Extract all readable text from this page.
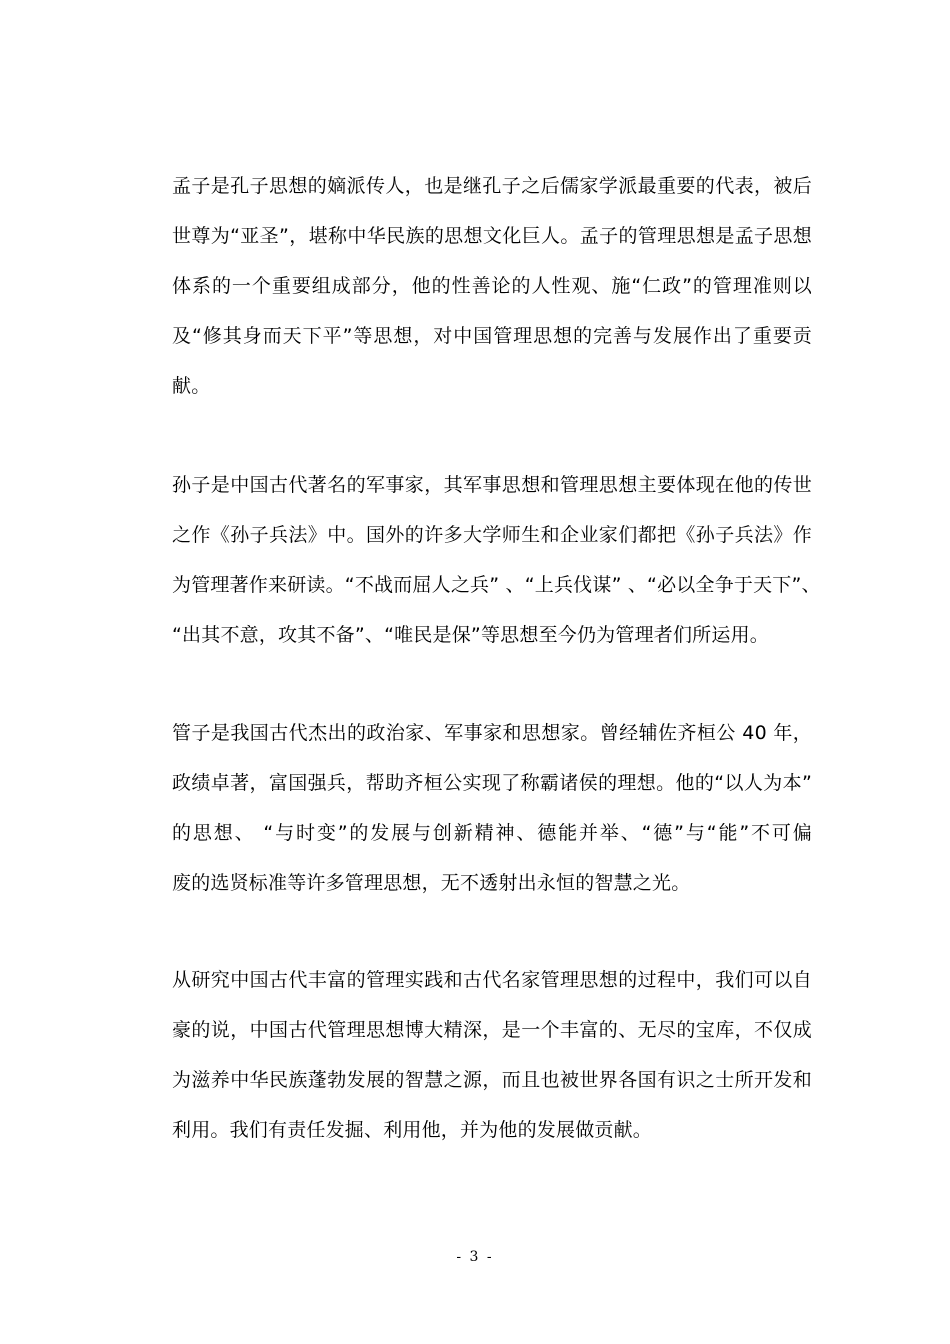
孟子是孔子思想的嫡派传人，也是继孔子之后儒家学派最重要的代表，被后
世尊为“亚圣”，堪称中华民族的思想文化巨人。孟子的管理思想是孟子思想
体系的一个重要组成部分，他的性善论的人性观、施“仁政”的管理准则以
及“修其身而天下平”等思想，对中国管理思想的完善与发展作出了重要贡
献。
孙子是中国古代著名的军事家，其军事思想和管理思想主要体现在他的传世
之作《孙子兵法》中。国外的许多大学师生和企业家们都把《孙子兵法》作
为管理著作来研读。“不战而屈人之兵” 、“上兵伐谋” 、“必以全争于天下”、
“出其不意，攻其不备”、“唯民是保”等思想至今仍为管理者们所运用。
管子是我国古代杰出的政治家、军事家和思想家。曾经辅佐齐桓公 40 年，
政绩卓著，富国强兵，帮助齐桓公实现了称霸诸侯的理想。他的“以人为本”
的思想、 “与时变”的发展与创新精神、德能并举、“德”与“能”不可偏
废的选贤标准等许多管理思想，无不透射出永恒的智慧之光。
从研究中国古代丰富的管理实践和古代名家管理思想的过程中，我们可以自
豪的说，中国古代管理思想博大精深，是一个丰富的、无尽的宝库，不仅成
为滋养中华民族蓬勃发展的智慧之源，而且也被世界各国有识之士所开发和
利用。我们有责任发掘、利用他，并为他的发展做贡献。
- 3 -
